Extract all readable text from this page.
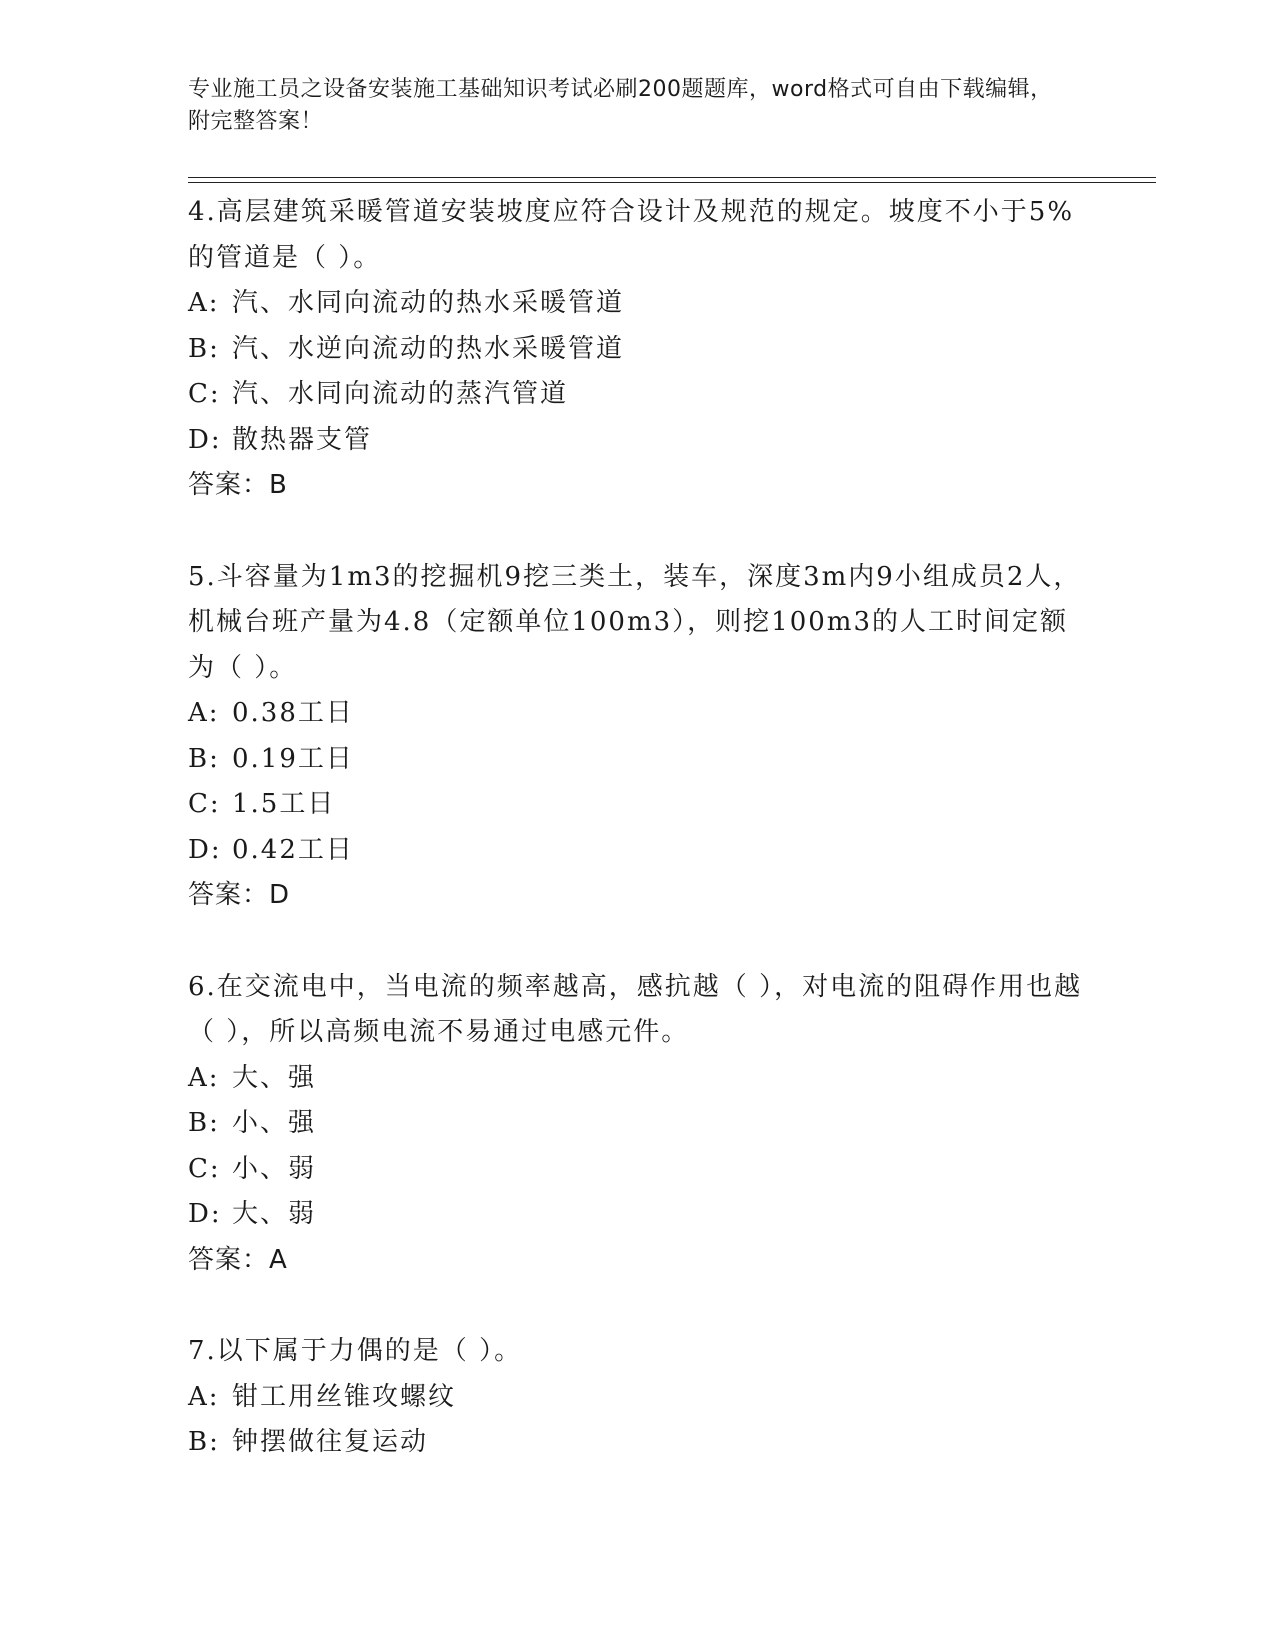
专业施工员之设备安装施工基础知识考试必刷200题题库，word格式可自由下载编辑，附完整答案！
4.高层建筑采暖管道安装坡度应符合设计及规范的规定。坡度不小于5%的管道是（ ）。
A: 汽、水同向流动的热水采暖管道
B: 汽、水逆向流动的热水采暖管道
C: 汽、水同向流动的蒸汽管道
D: 散热器支管
答案：B
5.斗容量为1m3的挖掘机9挖三类土，装车，深度3m内9小组成员2人，机械台班产量为4.8（定额单位100m3），则挖100m3的人工时间定额为（ ）。
A: 0.38工日
B: 0.19工日
C: 1.5工日
D: 0.42工日
答案：D
6.在交流电中，当电流的频率越高，感抗越（ ），对电流的阻碍作用也越（ ），所以高频电流不易通过电感元件。
A: 大、强
B: 小、强
C: 小、弱
D: 大、弱
答案：A
7.以下属于力偶的是（ ）。
A: 钳工用丝锥攻螺纹
B: 钟摆做往复运动
